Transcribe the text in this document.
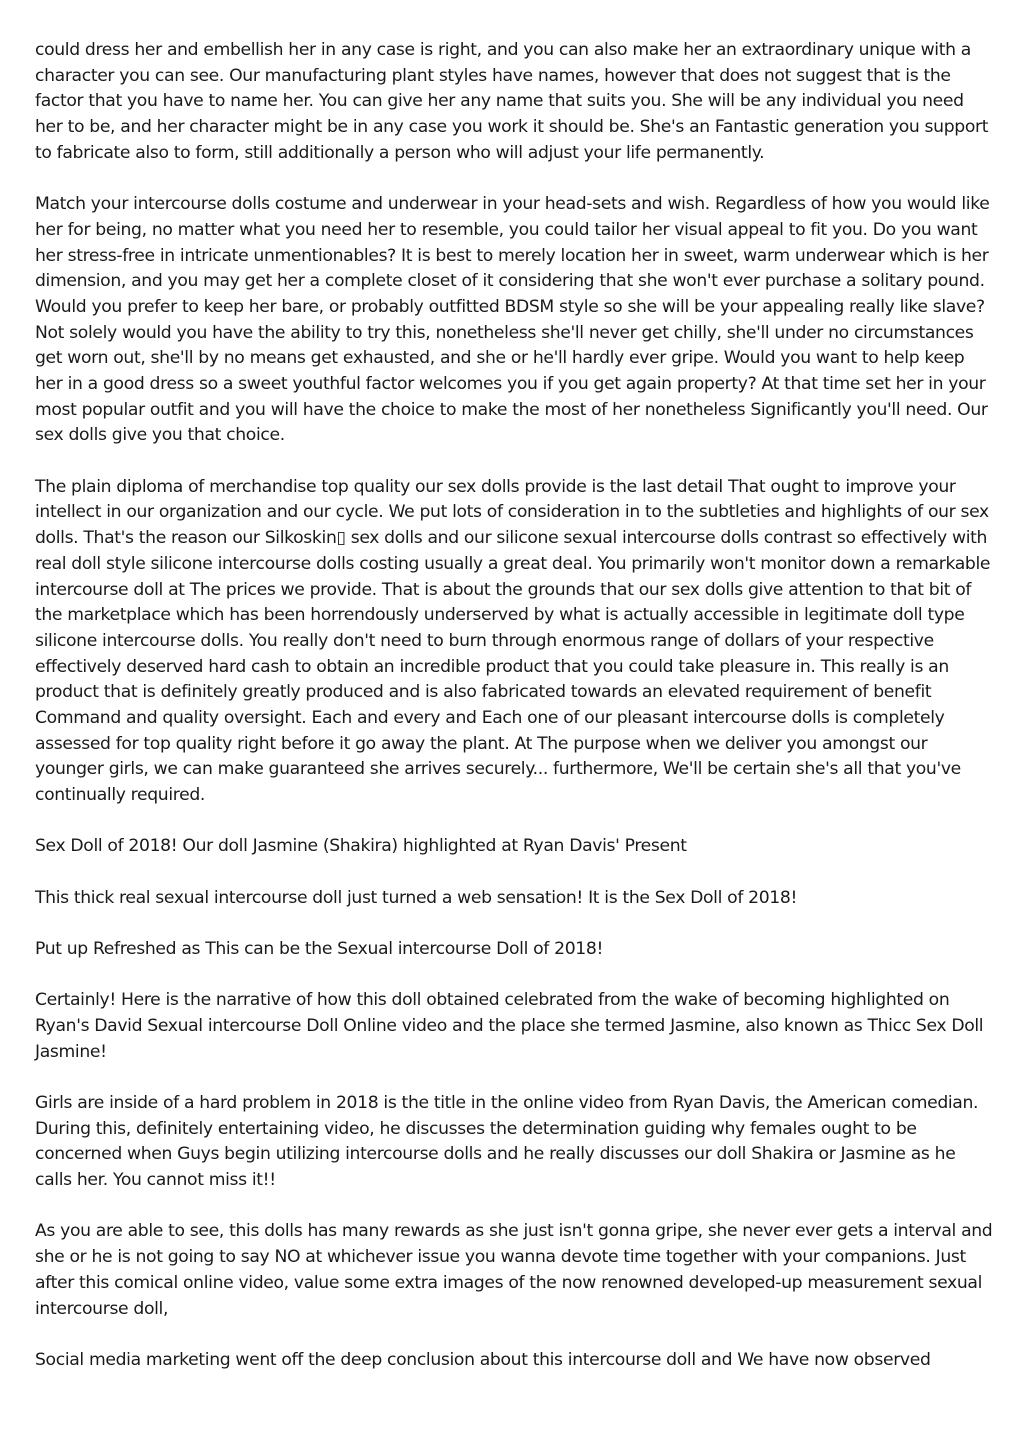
could dress her and embellish her in any case is right, and you can also make her an extraordinary unique with a character you can see. Our manufacturing plant styles have names, however that does not suggest that is the factor that you have to name her. You can give her any name that suits you. She will be any individual you need her to be, and her character might be in any case you work it should be. She's an Fantastic generation you support to fabricate also to form, still additionally a person who will adjust your life permanently.

Match your intercourse dolls costume and underwear in your head-sets and wish. Regardless of how you would like her for being, no matter what you need her to resemble, you could tailor her visual appeal to fit you. Do you want her stress-free in intricate unmentionables? It is best to merely location her in sweet, warm underwear which is her dimension, and you may get her a complete closet of it considering that she won't ever purchase a solitary pound. Would you prefer to keep her bare, or probably outfitted BDSM style so she will be your appealing really like slave? Not solely would you have the ability to try this, nonetheless she'll never get chilly, she'll under no circumstances get worn out, she'll by no means get exhausted, and she or he'll hardly ever gripe. Would you want to help keep her in a good dress so a sweet youthful factor welcomes you if you get again property? At that time set her in your most popular outfit and you will have the choice to make the most of her nonetheless Significantly you'll need. Our sex dolls give you that choice.

The plain diploma of merchandise top quality our sex dolls provide is the last detail That ought to improve your intellect in our organization and our cycle. We put lots of consideration in to the subtleties and highlights of our sex dolls. That's the reason our Silkoskin▯ sex dolls and our silicone sexual intercourse dolls contrast so effectively with real doll style silicone intercourse dolls costing usually a great deal. You primarily won't monitor down a remarkable intercourse doll at The prices we provide. That is about the grounds that our sex dolls give attention to that bit of the marketplace which has been horrendously underserved by what is actually accessible in legitimate doll type silicone intercourse dolls. You really don't need to burn through enormous range of dollars of your respective effectively deserved hard cash to obtain an incredible product that you could take pleasure in. This really is an product that is definitely greatly produced and is also fabricated towards an elevated requirement of benefit Command and quality oversight. Each and every and Each one of our pleasant intercourse dolls is completely assessed for top quality right before it go away the plant. At The purpose when we deliver you amongst our younger girls, we can make guaranteed she arrives securely... furthermore, We'll be certain she's all that you've continually required.

Sex Doll of 2018! Our doll Jasmine (Shakira) highlighted at Ryan Davis' Present

This thick real sexual intercourse doll just turned a web sensation! It is the Sex Doll of 2018!

Put up Refreshed as This can be the Sexual intercourse Doll of 2018!

Certainly! Here is the narrative of how this doll obtained celebrated from the wake of becoming highlighted on Ryan's David Sexual intercourse Doll Online video and the place she termed Jasmine, also known as Thicc Sex Doll Jasmine!

Girls are inside of a hard problem in 2018 is the title in the online video from Ryan Davis, the American comedian. During this, definitely entertaining video, he discusses the determination guiding why females ought to be concerned when Guys begin utilizing intercourse dolls and he really discusses our doll Shakira or Jasmine as he calls her. You cannot miss it!!

As you are able to see, this dolls has many rewards as she just isn't gonna gripe, she never ever gets a interval and she or he is not going to say NO at whichever issue you wanna devote time together with your companions. Just after this comical online video, value some extra images of the now renowned developed-up measurement sexual intercourse doll,

Social media marketing went off the deep conclusion about this intercourse doll and We have now observed
